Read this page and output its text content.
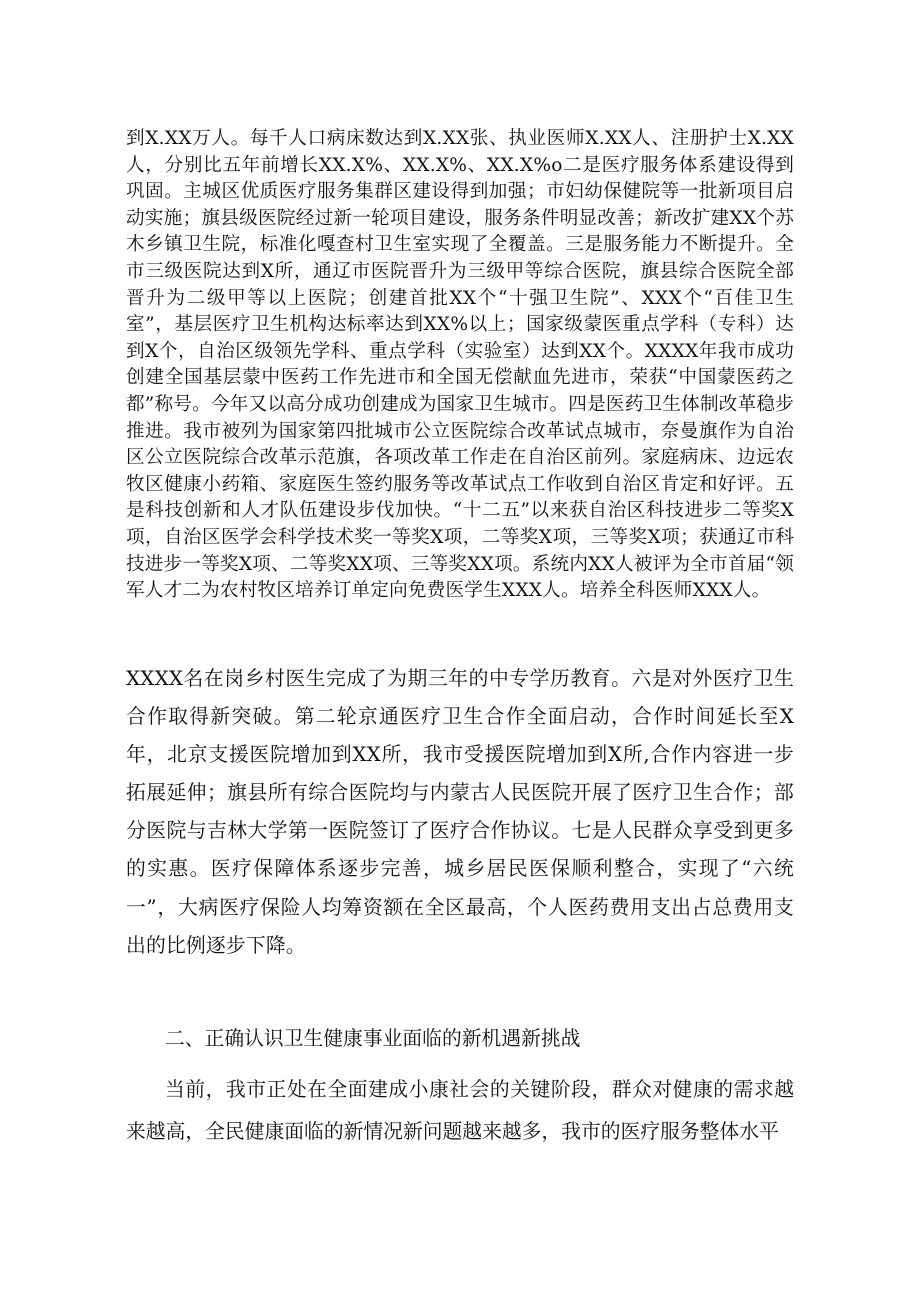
到X.XX万人。每千人口病床数达到X.XX张、执业医师X.XX人、注册护士X.XX人，分别比五年前增长XX.X%、XX.X%、XX.X%o二是医疗服务体系建设得到巩固。主城区优质医疗服务集群区建设得到加强；市妇幼保健院等一批新项目启动实施；旗县级医院经过新一轮项目建设，服务条件明显改善；新改扩建XX个苏木乡镇卫生院，标准化嘎查村卫生室实现了全覆盖。三是服务能力不断提升。全市三级医院达到X所，通辽市医院晋升为三级甲等综合医院，旗县综合医院全部晋升为二级甲等以上医院；创建首批XX个“十强卫生院”、XXX个“百佳卫生室”，基层医疗卫生机构达标率达到XX%以上；国家级蒙医重点学科（专科）达到X个，自治区级领先学科、重点学科（实验室）达到XX个。XXXX年我市成功创建全国基层蒙中医药工作先进市和全国无偿献血先进市，荣获“中国蒙医药之都”称号。今年又以高分成功创建成为国家卫生城市。四是医药卫生体制改革稳步推进。我市被列为国家第四批城市公立医院综合改革试点城市，奈曼旗作为自治区公立医院综合改革示范旗，各项改革工作走在自治区前列。家庭病床、边远农牧区健康小药箱、家庭医生签约服务等改革试点工作收到自治区肯定和好评。五是科技创新和人才队伍建设步伐加快。“十二五”以来获自治区科技进步二等奖X项，自治区医学会科学技术奖一等奖X项，二等奖X项，三等奖X项；获通辽市科技进步一等奖X项、二等奖XX项、三等奖XX项。系统内XX人被评为全市首届“领军人才二为农村牧区培养订单定向免费医学生XXX人。培养全科医师XXX人。

XXXX名在岗乡村医生完成了为期三年的中专学历教育。六是对外医疗卫生合作取得新突破。第二轮京通医疗卫生合作全面启动，合作时间延长至X年，北京支援医院增加到XX所，我市受援医院增加到X所,合作内容进一步拓展延伸；旗县所有综合医院均与内蒙古人民医院开展了医疗卫生合作；部分医院与吉林大学第一医院签订了医疗合作协议。七是人民群众享受到更多的实惠。医疗保障体系逐步完善，城乡居民医保顺利整合，实现了“六统一”，大病医疗保险人均筹资额在全区最高，个人医药费用支出占总费用支出的比例逐步下降。

二、正确认识卫生健康事业面临的新机遇新挑战

当前，我市正处在全面建成小康社会的关键阶段，群众对健康的需求越来越高，全民健康面临的新情况新问题越来越多，我市的医疗服务整体水平
